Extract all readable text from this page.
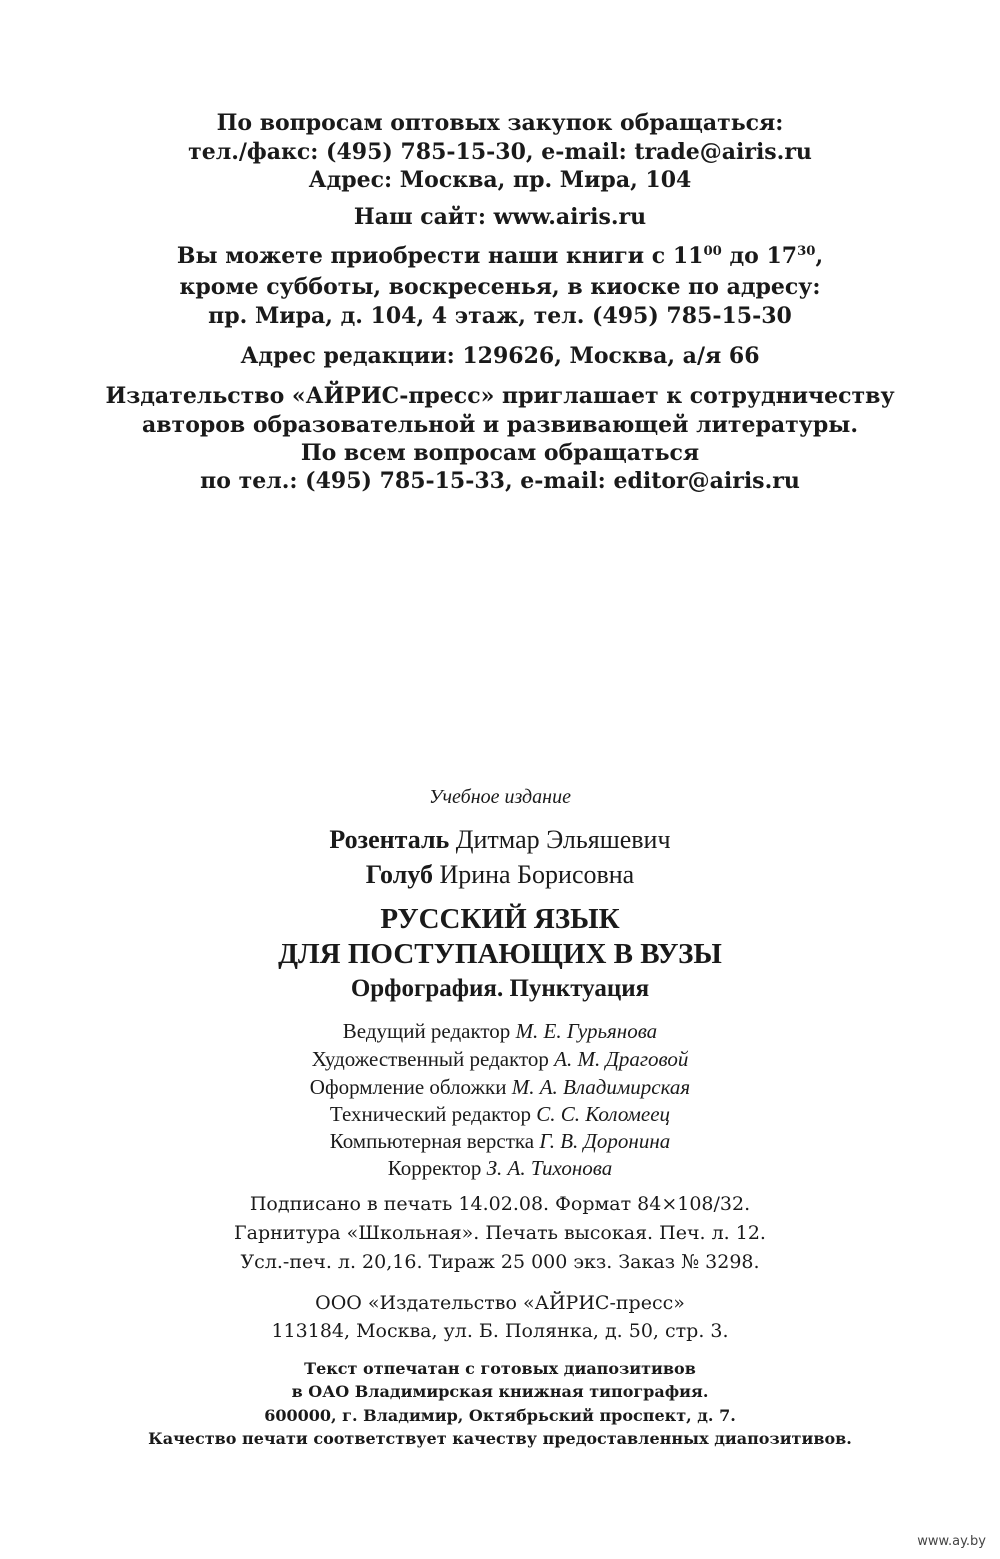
По вопросам оптовых закупок обращаться:
тел./факс: (495) 785-15-30, e-mail: trade@airis.ru
Адрес: Москва, пр. Мира, 104
Наш сайт: www.airis.ru
Вы можете приобрести наши книги с $11^{00}$ до $17^{30}$,
кроме субботы, воскресенья, в киоске по адресу:
пр. Мира, д. 104, 4 этаж, тел. (495) 785-15-30
Адрес редакции: 129626, Москва, а/я 66
Издательство «АЙРИС-пресс» приглашает к сотрудничеству
авторов образовательной и развивающей литературы.
По всем вопросам обращаться
по тел.: (495) 785-15-33, e-mail: editor@airis.ru
Учебное издание
Розенталь Дитмар Эльяшевич
Голуб Ирина Борисовна
РУССКИЙ ЯЗЫК
ДЛЯ ПОСТУПАЮЩИХ В ВУЗЫ
Орфография. Пунктуация
Ведущий редактор М. Е. Гурьянова
Художественный редактор А. М. Драговой
Оформление обложки М. А. Владимирская
Технический редактор С. С. Коломеец
Компьютерная верстка Г. В. Доронина
Корректор З. А. Тихонова
Подписано в печать 14.02.08. Формат 84×108/32.
Гарнитура «Школьная». Печать высокая. Печ. л. 12.
Усл.-печ. л. 20,16. Тираж 25 000 экз. Заказ № 3298.
ООО «Издательство «АЙРИС-пресс»
113184, Москва, ул. Б. Полянка, д. 50, стр. 3.
Текст отпечатан с готовых диапозитивов
в ОАО Владимирская книжная типография.
600000, г. Владимир, Октябрьский проспект, д. 7.
Качество печати соответствует качеству предоставленных диапозитивов.
www.ay.by
